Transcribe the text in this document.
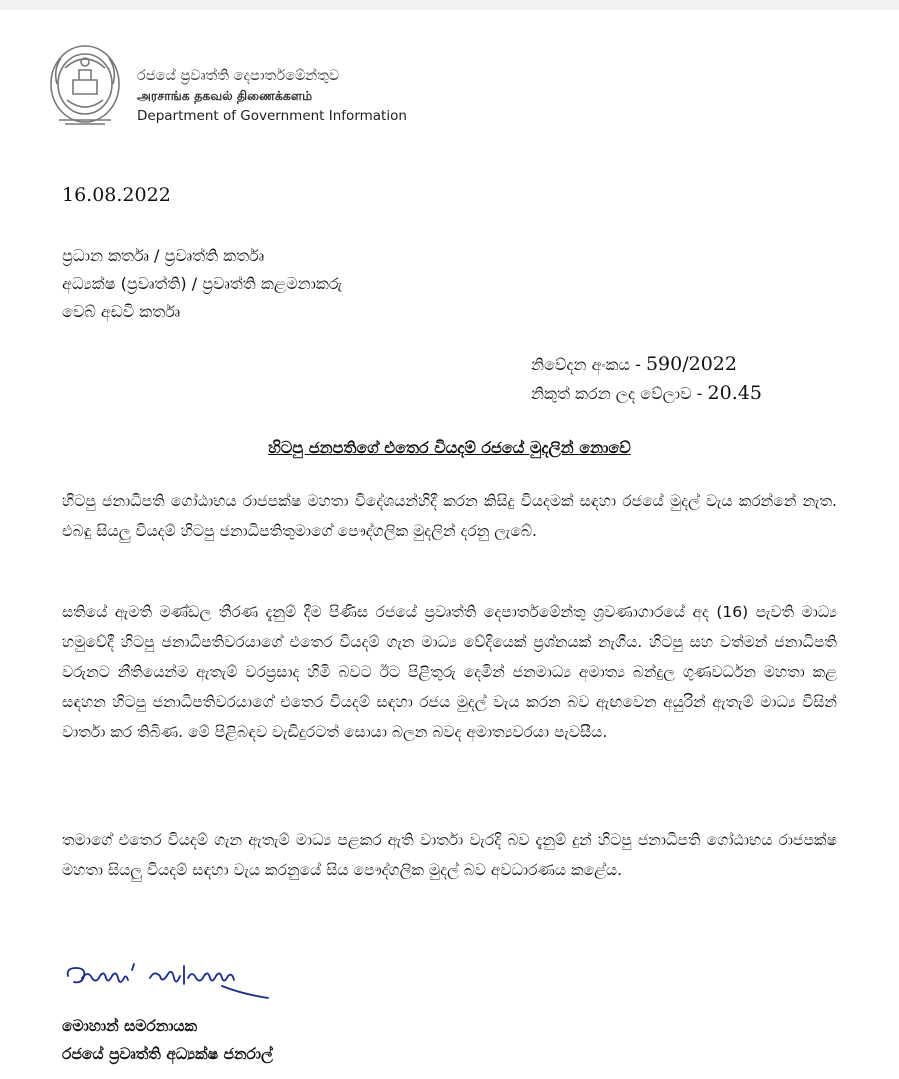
රජයේ ප්‍රවෘත්ති දෙපාර්තමේන්තුව
அரசாங்க தகவல் திணைக்களம்
Department of Government Information
16.08.2022
ප්‍රධාන කර්තෘ / ප්‍රවෘත්ති කර්තෘ
අධ්‍යක්ෂ (ප්‍රවෘත්ති) / ප්‍රවෘත්ති කළමනාකරු
වෙබ් අඩවි කර්තෘ
නිවේදන අංකය - 590/2022
නිකුත් කරන ලද වේලාව - 20.45
හිටපු ජනපතිගේ එතෙර වියදම් රජයේ මුදලින් නොවේ
හිටපු ජනාධිපති ගෝඨාභය රාජපක්ෂ මහතා විදේශයන්හිදී කරන කිසිදු වියදමක් සඳහා රජයේ මුදල් වැය කරන්නේ නැත. එබඳු සියලු වියදම් හිටපු ජනාධිපතිතුමාගේ පෞද්ගලික මුදලින් දරනු ලැබේ.
සතියේ ඇමති මණ්ඩල තීරණ දැනුම් දීම පිණිස රජයේ ප්‍රවෘත්ති දෙපාර්තමේන්තු ශ්‍රවණාගාරයේ අද (16) පැවති මාධ්‍ය හමුවේදී හිටපු ජනාධිපතිවරයාගේ එතෙර වියදම් ගැන මාධ්‍ය වේදියෙක් ප්‍රශ්නයක් නැගීය. හිටපු සහ වත්මන් ජනාධිපති වරුනට නීතියෙන්ම ඇතැම් වරප්‍රසාද හිමි බවට ඊට පිළිතුරු දෙමින් ජනමාධ්‍ය අමාත්‍ය බන්දුල ගුණවර්ධන මහතා කළ සඳහන හිටපු ජනාධිපතිවරයාගේ එතෙර වියදම් සඳහා රජය මුදල් වැය කරන බව ඇඟවෙන අයුරින් ඇතැම් මාධ්‍ය විසින් වාර්තා කර තිබිණ. මේ පිළිබඳව වැඩිදුරටත් සොයා බලන බවද අමාත්‍යවරයා පැවසීය.
තමාගේ එතෙර වියදම් ගැන ඇතැම් මාධ්‍ය පළකර ඇති වාර්තා වැරදි බව දැනුම් දුන් හිටපු ජනාධිපති ගෝඨාභය රාජපක්ෂ මහතා සියලු වියදම් සඳහා වැය කරනුයේ සිය පෞද්ගලික මුදල් බව අවධාරණය කළේය.
මොහාන් සමරනායක
රජයේ ප්‍රවෘත්ති අධ්‍යක්ෂ ජනරාල්
